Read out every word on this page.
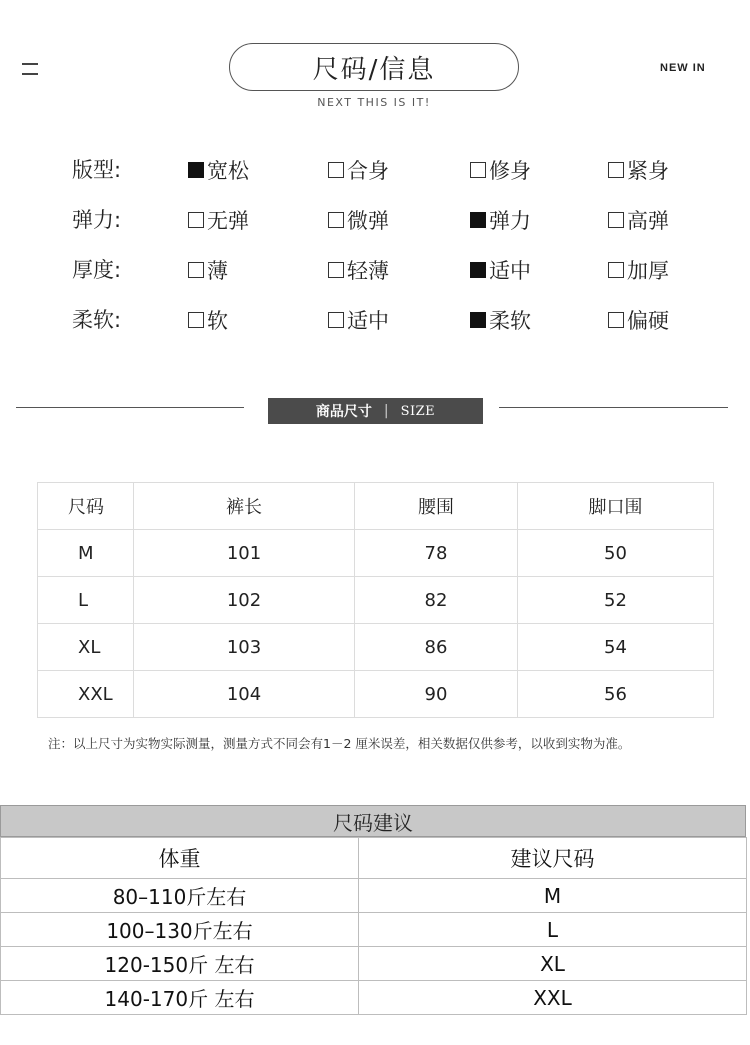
尺码/信息
NEXT THIS IS IT!
NEW IN
版型:	宽松	合身	修身	紧身
弹力:	无弹	微弹	弹力	高弹
厚度:	薄	轻薄	适中	加厚
柔软:	软	适中	柔软	偏硬
商品尺寸 | SIZE
尺码	裤长	腰围	脚口围
M	101	78	50
L	102	82	52
XL	103	86	54
XXL	104	90	56
注：以上尺寸为实物实际测量，测量方式不同会有1－2 厘米误差，相关数据仅供参考，以收到实物为准。
尺码建议
体重	建议尺码
80–110斤左右	M
100–130斤左右	L
120-150斤 左右	XL
140-170斤 左右	XXL
